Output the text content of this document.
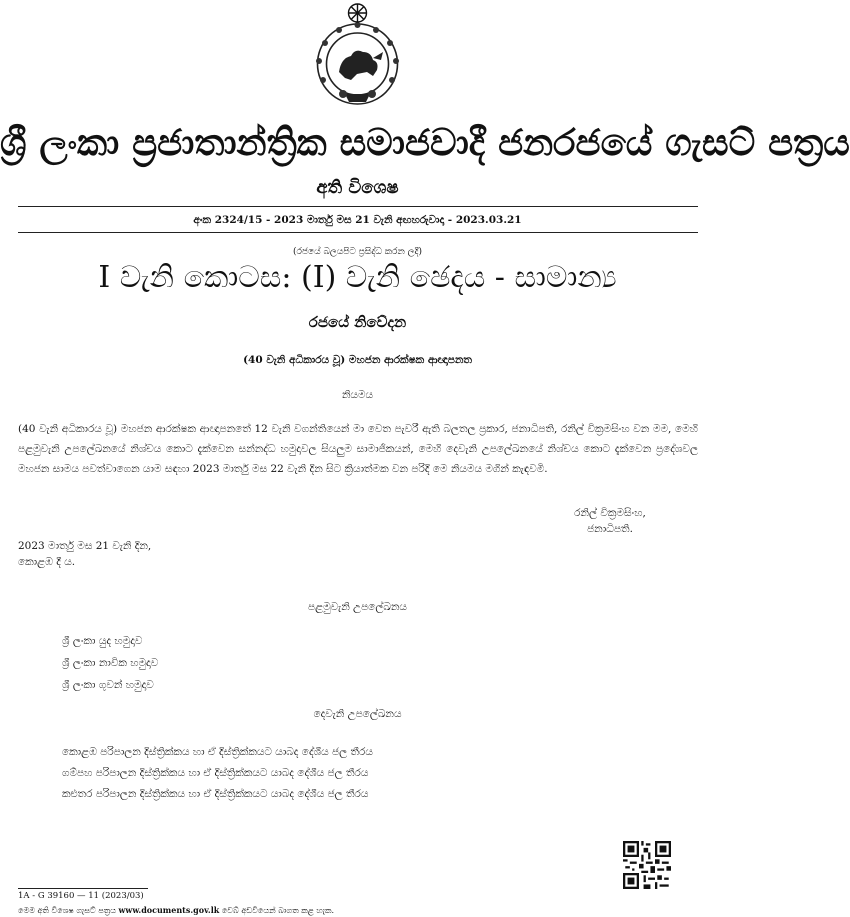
ශ්‍රී ලංකා ප්‍රජාතාන්ත්‍රික සමාජවාදී ජනරජයේ ගැසට් පත්‍රය
අති විශෙෂ
අංක 2324/15 - 2023 මාර්තු මස 21 වැනි අඟහරුවාදා - 2023.03.21
(රජයේ බලයපිට ප්‍රසිද්ධ කරන ලදී)
I වැනි කොටස: (I) වැනි ඡෙදය - සාමාන්‍ය
රජයේ නිවේදන
(40 වැනි අධිකාරය වූ) මහජන ආරක්ෂක ආඥාපනත
නියමය
(40 වැනි අධිකාරය වූ) මහජන ආරක්ෂක ආඥාපනතේ 12 වැනි වගන්තියෙන් මා වෙත පැවරී ඇති බලතල ප්‍රකාර, ජනාධිපති, රනිල් වික්‍රමසිංහ වන මම, මෙහි පළමුවැනි උපලේඛනයේ නිශ්චය කොට දැක්වෙන සන්නද්ධ හමුදාවල සියලුම සාමාජිකයන්, මෙහි දෙවැනි උපලේඛනයේ නිශ්චය කොට දැක්වෙන ප්‍රදේශවල මහජන සාමය පවත්වාගෙන යාම සඳහා 2023 මාර්තු මස 22 වැනි දින සිට ක්‍රියාත්මක වන පරිදි මෙ නියමය මගින් කැඳවමි.
රනිල් වික්‍රමසිංහ,
ජනාධිපති.
2023 මාර්තු මස 21 වැනි දින,
කොළඹ දී ය.
පළමුවැනි උපලේඛනය
ශ්‍රී ලංකා යුද හමුදාව
ශ්‍රී ලංකා නාවික හමුදාව
ශ්‍රී ලංකා ගුවන් හමුදාව
දෙවැනි උපලේඛනය
කොළඹ පරිපාලන දිස්ත්‍රික්කය හා ඒ දිස්ත්‍රික්කයට යාබද දේශීය ජල තීරය
ගම්පහ පරිපාලන දිස්ත්‍රික්කය හා ඒ දිස්ත්‍රික්කයට යාබද දේශීය ජල තීරය
කළුතර පරිපාලන දිස්ත්‍රික්කය හා ඒ දිස්ත්‍රික්කයට යාබද දේශීය ජල තීරය
1A - G 39160 — 11 (2023/03)
මෙම අති විශෙෂ ගැසට් පත්‍රය www.documents.gov.lk වෙබ් අඩවියෙන් බාගත කළ හැක.
